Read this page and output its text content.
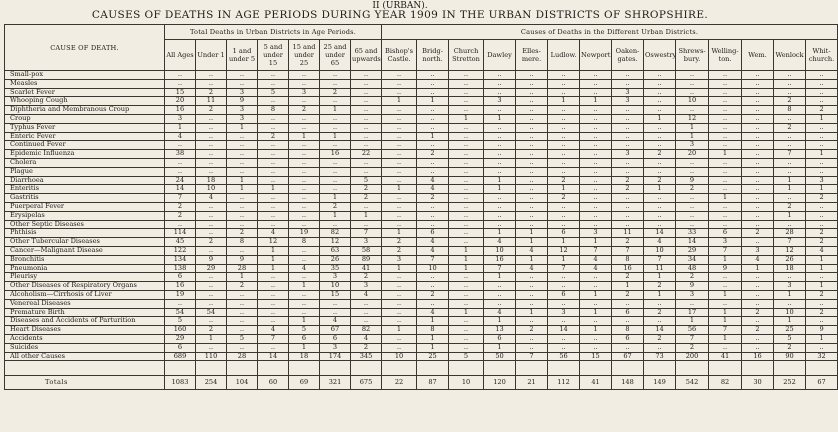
II (URBAN).
CAUSES OF DEATHS IN AGE PERIODS DURING YEAR 1909 IN THE URBAN DISTRICTS OF SHROPSHIRE.
CAUSE OF DEATH.	Total Deaths in Urban Districts in Age Periods.							Causes of Deaths in the Different Urban Districts.													
	All Ages	Under 1	1 and under 5	5 and under 15	15 and under 25	25 and under 65	65 and upwards	Bishop's Castle.	Bridg-north.	Church Stretton	Dawley	Elles-mere.	Ludlow.	Newport	Oaken-gates.	Oswestry	Shrews-bury.	Welling-ton.	Wem.	Wenlock	Whit-church.
Small-pox	..	..	..	..	..	..	..	..	..	..	..	..	..	..	..	..	..	..	..	..	..
Measles	..	..	..	..	..	..	..	..	..	..	..	..	..	..	..	..	..	..	..	..	..
Scarlet Fever	15	2	3	5	3	2	..	..	..	..	..	..	..	..	3	..	..	..	..	..	..
Whooping Cough	20	11	9	..	..	..	..	1	1	..	3	..	1	1	3	..	10	..	..	2	..
Diphtheria and Membranous Croup	16	2	3	8	2	1	..	..	..	..	..	..	..	..	..	..	..	..	..	8	2
Croup	3	..	3	..	..	..	..	..	..	1	1	..	..	..	..	1	12	..	..	..	1
Typhus Fever	1	..	1	..	..	..	..	..	..	..	..	..	..	..	..	..	1	..	..	2	..
Enteric Fever	4	..	..	2	1	1	..	..	1	..	..	..	..	..	..	..	1	..	..	..	..
Continued Fever	..	..	..	..	..	..	..	..	..	..	..	..	..	..	..	..	3	..	..	..	..
Epidemic Influenza	38	..	..	..	..	16	22	..	2	..	..	..	..	..	3	2	20	1	..	7	1
Cholera	..	..	..	..	..	..	..	..	..	..	..	..	..	..	..	..	..	..	..	..	..
Plague	..	..	..	..	..	..	..	..	..	..	..	..	..	..	..	..	..	..	..	..	..
Diarrhoea	24	18	1	..	..	..	5	..	4	..	1	..	2	..	2	2	9	..	..	1	3
Enteritis	14	10	1	1	..	..	2	1	4	..	1	..	1	..	2	1	2	..	..	1	1
Gastritis	7	4	..	..	..	1	2	..	2	..	..	..	2	..	..	..	..	1	..	..	2
Puerperal Fever	2	..	..	..	..	2	..	..	..	..	..	..	..	..	..	..	..	..	..	2	..
Erysipelas	2	..	..	..	..	1	1	..	..	..	..	..	..	..	..	..	..	..	..	1	..
Other Septic Diseases	..	..	..	..	..	..	..	..	..	..	..	..	..	..	..	..	..	..	..	..	..
Phthisis	114	..	2	4	19	82	7	1	6	..	1	1	6	3	11	14	33	6	2	28	2
Other Tubercular Diseases	45	2	8	12	8	12	3	2	4	..	4	1	1	1	2	4	14	3	..	7	2
Cancer—Malignant Disease	122	..	..	1	..	63	58	2	4	1	10	4	12	7	7	10	29	7	3	12	4
Bronchitis	134	9	9	1	..	26	89	3	7	1	16	1	1	4	8	7	34	1	4	26	1
Pneumonia	138	29	28	1	4	35	41	1	10	1	7	4	7	4	16	11	48	9	1	18	1
Pleurisy	6	..	1	..	..	3	2	..	..	..	1	..	..	..	2	1	2	..	..	..	..
Other Diseases of Respiratory Organs	16	..	2	..	1	10	3	..	..	..	..	..	..	..	1	2	9	..	..	3	1
Alcoholism—Cirrhosis of Liver	19	..	..	..	..	15	4	..	2	..	..	..	6	1	2	1	3	1	..	1	2
Venereal Diseases	..	..	..	..	..	..	..	..	..	..	..	..	..	..	..	..	..	..	..	..	..
Premature Birth	54	54	..	..	..	..	..	..	4	1	4	1	3	1	6	2	17	1	2	10	2
Diseases and Accidents of Parturition	5	..	..	..	1	4	..	..	1	..	1	..	..	..	..	..	1	1	..	1	..
Heart Diseases	160	2	..	4	5	67	82	1	8	..	13	2	14	1	8	14	56	7	2	25	9
Accidents	29	1	5	7	6	6	4	..	1	..	6	..	..	..	6	2	7	1	..	5	1
Suicides	6	..	..	..	1	3	2	..	1	..	1	..	..	..	..	..	2	..	..	2	..
All other Causes	689	110	28	14	18	174	345	10	25	5	50	7	56	15	67	73	200	41	16	90	32

Totals	1083	254	104	60	69	321	675	22	87	10	120	21	112	41	148	149	542	82	30	252	67
